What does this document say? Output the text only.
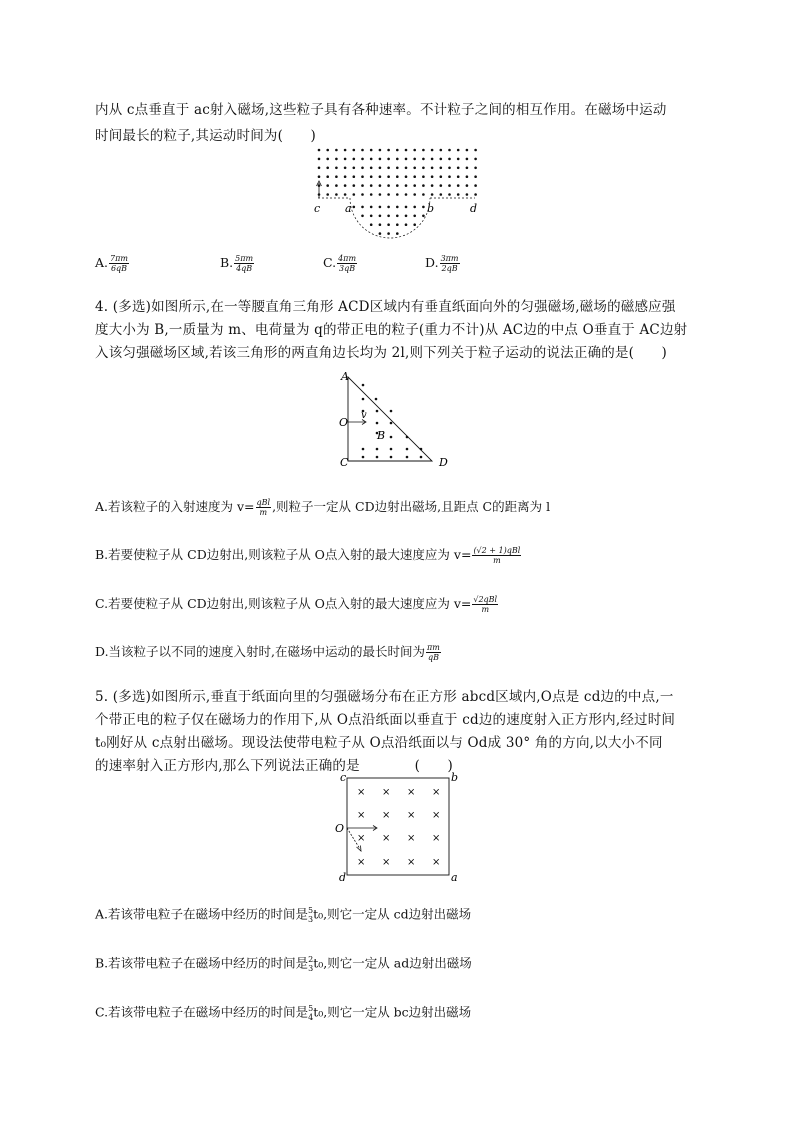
内从 c点垂直于 ac射入磁场,这些粒子具有各种速率。不计粒子之间的相互作用。在磁场中运动
时间最长的粒子,其运动时间为(　　)
c a	b	d
A. $\frac{7\pi m}{6qB}$	B. $\frac{5\pi m}{4qB}$	C. $\frac{4\pi m}{3qB}$	D. $\frac{3\pi m}{2qB}$
4. (多选)如图所示,在一等腰直角三角形 ACD区域内有垂直纸面向外的匀强磁场,磁场的磁感应强
度大小为 B,一质量为 m、电荷量为 q的带正电的粒子(重力不计)从 AC边的中点 O垂直于 AC边射
入该匀强磁场区域,若该三角形的两直角边长均为 2l,则下列关于粒子运动的说法正确的是(　　)
A
O
v
B
C	D
A.若该粒子的入射速度为 $v= \frac{\text{qBl}}{m}$ ,则粒子一定从 CD边射出磁场,且距点 C的距离为 l
B.若要使粒子从 CD边射出,则该粒子从 O点入射的最大速度应为 $v= \frac{\text{(√2 + 1)qBl}}{m}$
C.若要使粒子从 CD边射出,则该粒子从 O点入射的最大速度应为 $v= \frac{\text{√2qBl}}{m}$
D.当该粒子以不同的速度入射时,在磁场中运动的最长时间为 $\frac{\pi m}{qB}$
5. (多选)如图所示,垂直于纸面向里的匀强磁场分布在正方形 abcd区域内,O点是 cd边的中点,一
个带正电的粒子仅在磁场力的作用下,从 O点沿纸面以垂直于 cd边的速度射入正方形内,经过时间
t₀刚好从 c点射出磁场。现设法使带电粒子从 O点沿纸面以与 Od成 30° 角的方向,以大小不同
的速率射入正方形内,那么下列说法正确的是　　　　(　　)
× × × ×
× × × ×
× × × ×
× × × ×
c	b
O
d	a
A.若该带电粒子在磁场中经历的时间是 5
3 t₀,则它一定从 cd边射出磁场
B.若该带电粒子在磁场中经历的时间是 2
3 t₀,则它一定从 ad边射出磁场
C.若该带电粒子在磁场中经历的时间是 5
4 t₀,则它一定从 bc边射出磁场
